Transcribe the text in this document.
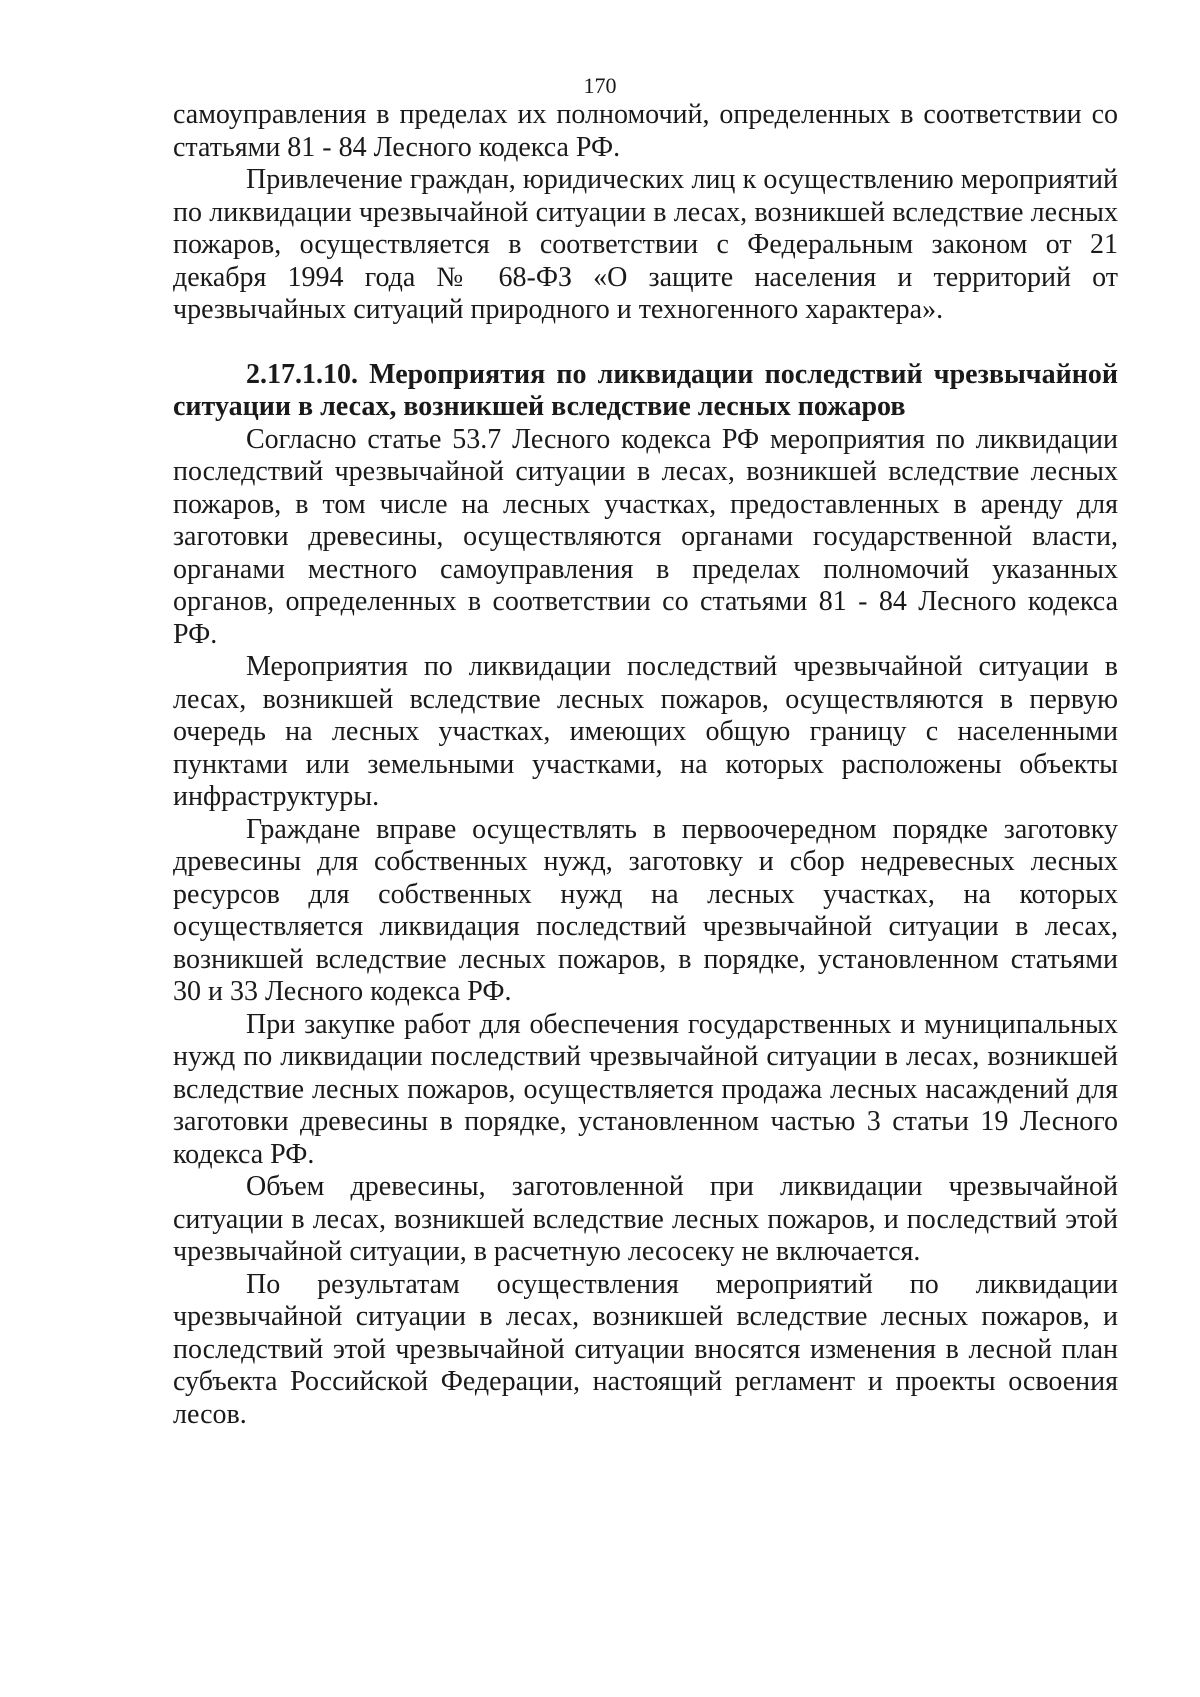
170

самоуправления в пределах их полномочий, определенных в соответствии со статьями 81 - 84 Лесного кодекса РФ.

Привлечение граждан, юридических лиц к осуществлению мероприятий по ликвидации чрезвычайной ситуации в лесах, возникшей вследствие лесных пожаров, осуществляется в соответствии с Федеральным законом от 21 декабря 1994 года № 68-ФЗ «О защите населения и территорий от чрезвычайных ситуаций природного и техногенного характера».

2.17.1.10. Мероприятия по ликвидации последствий чрезвычайной ситуации в лесах, возникшей вследствие лесных пожаров

Согласно статье 53.7 Лесного кодекса РФ мероприятия по ликвидации последствий чрезвычайной ситуации в лесах, возникшей вследствие лесных пожаров, в том числе на лесных участках, предоставленных в аренду для заготовки древесины, осуществляются органами государственной власти, органами местного самоуправления в пределах полномочий указанных органов, определенных в соответствии со статьями 81 - 84 Лесного кодекса РФ.

Мероприятия по ликвидации последствий чрезвычайной ситуации в лесах, возникшей вследствие лесных пожаров, осуществляются в первую очередь на лесных участках, имеющих общую границу с населенными пунктами или земельными участками, на которых расположены объекты инфраструктуры.

Граждане вправе осуществлять в первоочередном порядке заготовку древесины для собственных нужд, заготовку и сбор недревесных лесных ресурсов для собственных нужд на лесных участках, на которых осуществляется ликвидация последствий чрезвычайной ситуации в лесах, возникшей вследствие лесных пожаров, в порядке, установленном статьями 30 и 33 Лесного кодекса РФ.

При закупке работ для обеспечения государственных и муниципальных нужд по ликвидации последствий чрезвычайной ситуации в лесах, возникшей вследствие лесных пожаров, осуществляется продажа лесных насаждений для заготовки древесины в порядке, установленном частью 3 статьи 19 Лесного кодекса РФ.

Объем древесины, заготовленной при ликвидации чрезвычайной ситуации в лесах, возникшей вследствие лесных пожаров, и последствий этой чрезвычайной ситуации, в расчетную лесосеку не включается.

По результатам осуществления мероприятий по ликвидации чрезвычайной ситуации в лесах, возникшей вследствие лесных пожаров, и последствий этой чрезвычайной ситуации вносятся изменения в лесной план субъекта Российской Федерации, настоящий регламент и проекты освоения лесов.
